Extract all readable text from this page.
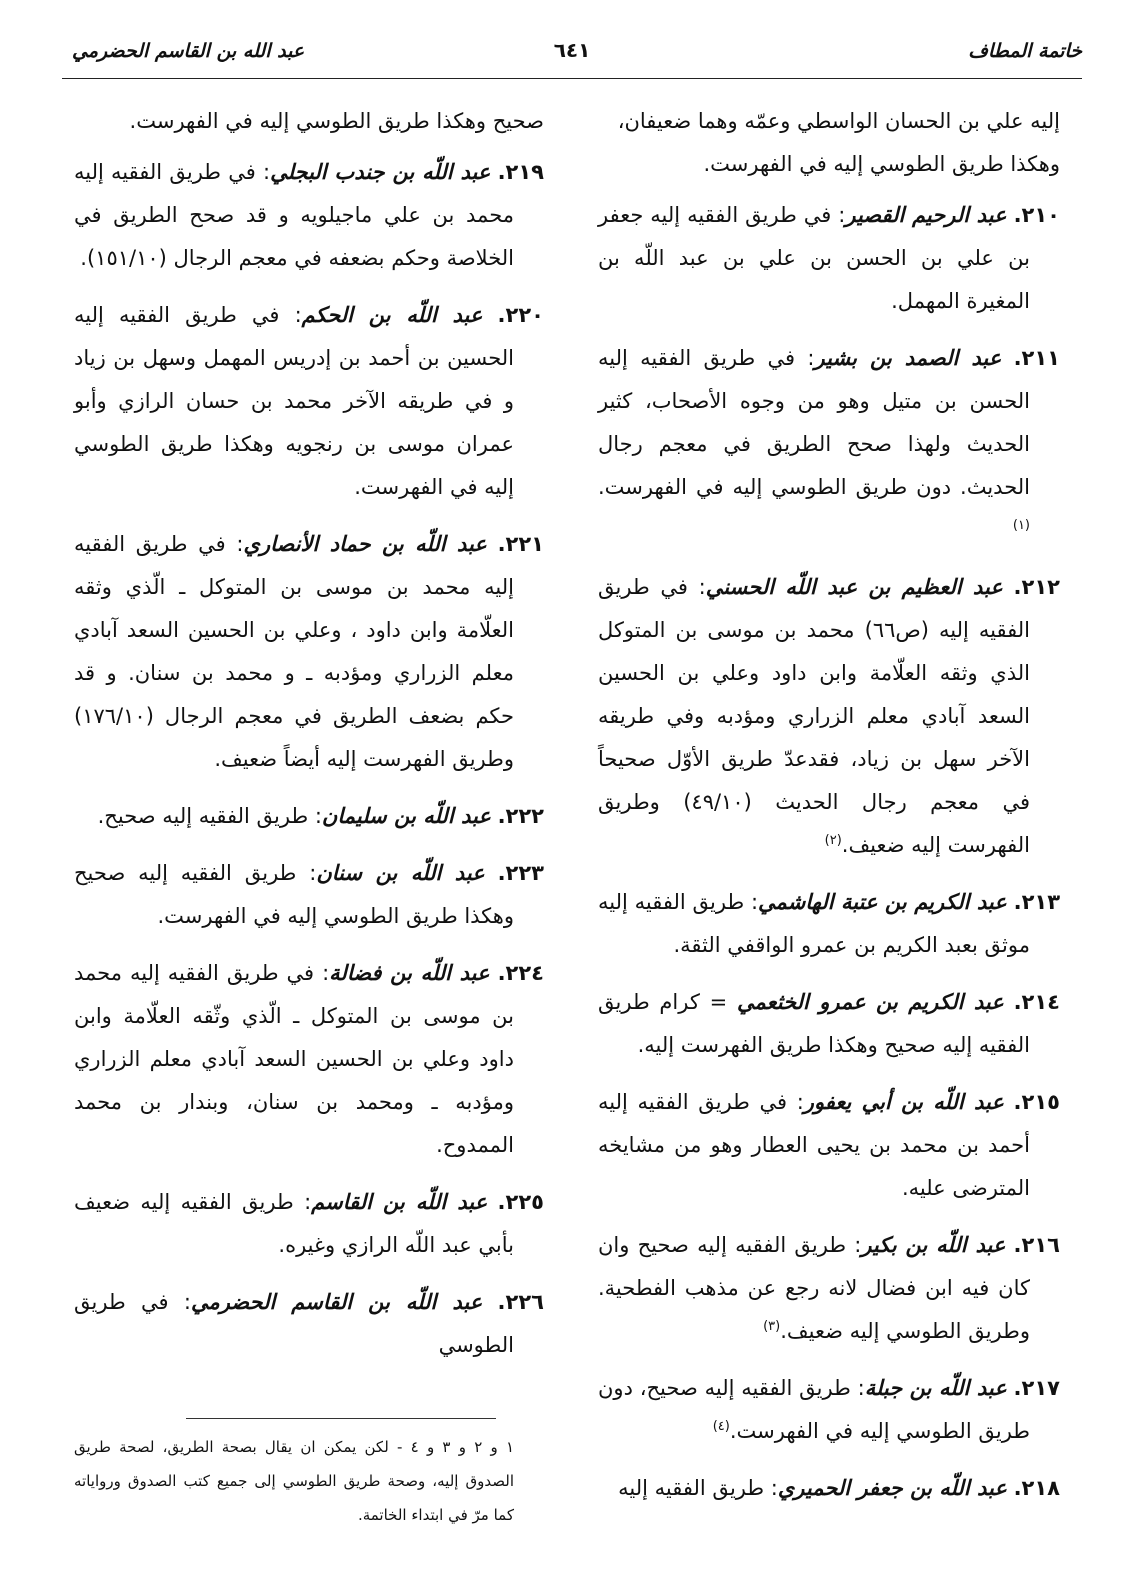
خاتمة المطاف
٦٤١
عبد الله بن القاسم الحضرمي

إليه علي بن الحسان الواسطي وعمّه وهما ضعيفان، وهكذا طريق الطوسي إليه في الفهرست.

٢١٠. عبد الرحيم القصير: في طريق الفقيه إليه جعفر بن علي بن الحسن بن علي بن عبد اللّه بن المغيرة المهمل.

٢١١. عبد الصمد بن بشير: في طريق الفقيه إليه الحسن بن متيل وهو من وجوه الأصحاب، كثير الحديث ولهذا صحح الطريق في معجم رجال الحديث. دون طريق الطوسي إليه في الفهرست.$^{(١)}$

٢١٢. عبد العظيم بن عبد اللّه الحسني: في طريق الفقيه إليه (ص٦٦) محمد بن موسى بن المتوكل الذي وثقه العلّامة وابن داود وعلي بن الحسين السعد آبادي معلم الزراري ومؤدبه وفي طريقه الآخر سهل بن زياد، فقدعدّ طريق الأوّل صحيحاً في معجم رجال الحديث (٤٩/١٠) وطريق الفهرست إليه ضعيف.$^{(٢)}$

٢١٣. عبد الكريم بن عتبة الهاشمي: طريق الفقيه إليه موثق بعبد الكريم بن عمرو الواقفي الثقة.

٢١٤. عبد الكريم بن عمرو الخثعمي = كرام طريق الفقيه إليه صحيح وهكذا طريق الفهرست إليه.

٢١٥. عبد اللّه بن أبي يعفور: في طريق الفقيه إليه أحمد بن محمد بن يحيى العطار وهو من مشايخه المترضى عليه.

٢١٦. عبد اللّه بن بكير: طريق الفقيه إليه صحيح وان كان فيه ابن فضال لانه رجع عن مذهب الفطحية. وطريق الطوسي إليه ضعيف.$^{(٣)}$

٢١٧. عبد اللّه بن جبلة: طريق الفقيه إليه صحيح، دون طريق الطوسي إليه في الفهرست.$^{(٤)}$

٢١٨. عبد اللّه بن جعفر الحميري: طريق الفقيه إليه

صحيح وهكذا طريق الطوسي إليه في الفهرست.

٢١٩. عبد اللّه بن جندب البجلي: في طريق الفقيه إليه محمد بن علي ماجيلويه و قد صحح الطريق في الخلاصة وحكم بضعفه في معجم الرجال (١٥١/١٠).

٢٢٠. عبد اللّه بن الحكم: في طريق الفقيه إليه الحسين بن أحمد بن إدريس المهمل وسهل بن زياد و في طريقه الآخر محمد بن حسان الرازي وأبو عمران موسى بن رنجويه وهكذا طريق الطوسي إليه في الفهرست.

٢٢١. عبد اللّه بن حماد الأنصاري: في طريق الفقيه إليه محمد بن موسى بن المتوكل ـ الّذي وثقه العلّامة وابن داود ، وعلي بن الحسين السعد آبادي معلم الزراري ومؤدبه ـ و محمد بن سنان. و قد حكم بضعف الطريق في معجم الرجال (١٧٦/١٠) وطريق الفهرست إليه أيضاً ضعيف.

٢٢٢. عبد اللّه بن سليمان: طريق الفقيه إليه صحيح.

٢٢٣. عبد اللّه بن سنان: طريق الفقيه إليه صحيح وهكذا طريق الطوسي إليه في الفهرست.

٢٢٤. عبد اللّه بن فضالة: في طريق الفقيه إليه محمد بن موسى بن المتوكل ـ الّذي وثّقه العلّامة وابن داود وعلي بن الحسين السعد آبادي معلم الزراري ومؤدبه ـ ومحمد بن سنان، وبندار بن محمد الممدوح.

٢٢٥. عبد اللّه بن القاسم: طريق الفقيه إليه ضعيف بأبي عبد اللّه الرازي وغيره.

٢٢٦. عبد اللّه بن القاسم الحضرمي: في طريق الطوسي

١ و ٢ و ٣ و ٤ - لكن يمكن ان يقال بصحة الطريق، لصحة طريق الصدوق إليه، وصحة طريق الطوسي إلى جميع كتب الصدوق ورواياته كما مرّ في ابتداء الخاتمة.
